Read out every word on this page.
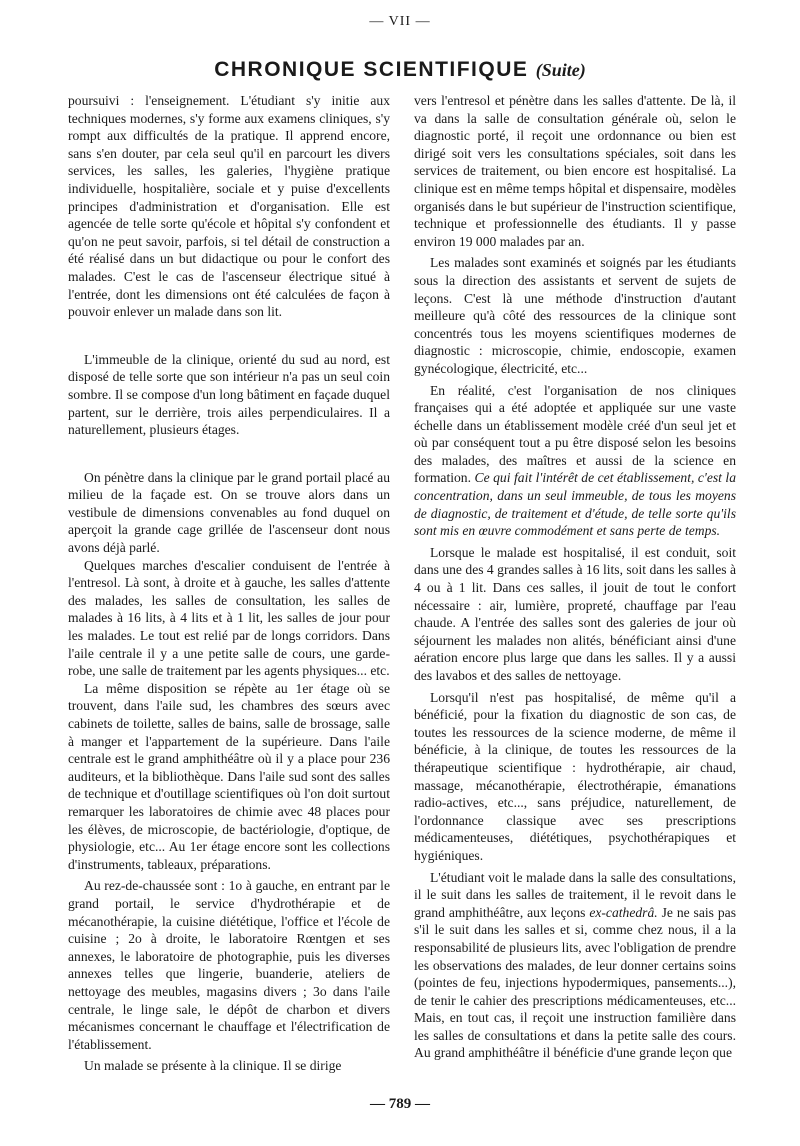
— VII —
CHRONIQUE SCIENTIFIQUE (Suite)

poursuivi : l'enseignement. L'étudiant s'y initie aux techniques modernes, s'y forme aux examens cliniques, s'y rompt aux difficultés de la pratique. Il apprend encore, sans s'en douter, par cela seul qu'il en parcourt les divers services, les salles, les galeries, l'hygiène pratique individuelle, hospitalière, sociale et y puise d'excellents principes d'administration et d'organisation. Elle est agencée de telle sorte qu'école et hôpital s'y confondent et qu'on ne peut savoir, parfois, si tel détail de construction a été réalisé dans un but didactique ou pour le confort des malades. C'est le cas de l'ascenseur électrique situé à l'entrée, dont les dimensions ont été calculées de façon à pouvoir enlever un malade dans son lit.

L'immeuble de la clinique, orienté du sud au nord, est disposé de telle sorte que son intérieur n'a pas un seul coin sombre. Il se compose d'un long bâtiment en façade duquel partent, sur le derrière, trois ailes perpendiculaires. Il a naturellement, plusieurs étages.

On pénètre dans la clinique par le grand portail placé au milieu de la façade est. On se trouve alors dans un vestibule de dimensions convenables au fond duquel on aperçoit la grande cage grillée de l'ascenseur dont nous avons déjà parlé.

Quelques marches d'escalier conduisent de l'entrée à l'entresol. Là sont, à droite et à gauche, les salles d'attente des malades, les salles de consultation, les salles de malades à 16 lits, à 4 lits et à 1 lit, les salles de jour pour les malades. Le tout est relié par de longs corridors. Dans l'aile centrale il y a une petite salle de cours, une garde-robe, une salle de traitement par les agents physiques... etc.

La même disposition se répète au 1er étage où se trouvent, dans l'aile sud, les chambres des sœurs avec cabinets de toilette, salles de bains, salle de brossage, salle à manger et l'appartement de la supérieure. Dans l'aile centrale est le grand amphithéâtre où il y a place pour 236 auditeurs, et la bibliothèque. Dans l'aile sud sont des salles de technique et d'outillage scientifiques où l'on doit surtout remarquer les laboratoires de chimie avec 48 places pour les élèves, de microscopie, de bactériologie, d'optique, de physiologie, etc... Au 1er étage encore sont les collections d'instruments, tableaux, préparations.

Au rez-de-chaussée sont : 1o à gauche, en entrant par le grand portail, le service d'hydrothérapie et de mécanothérapie, la cuisine diététique, l'office et l'école de cuisine ; 2o à droite, le laboratoire Rœntgen et ses annexes, le laboratoire de photographie, puis les diverses annexes telles que lingerie, buanderie, ateliers de nettoyage des meubles, magasins divers ; 3o dans l'aile centrale, le linge sale, le dépôt de charbon et divers mécanismes concernant le chauffage et l'électrification de l'établissement.

Un malade se présente à la clinique. Il se dirige

vers l'entresol et pénètre dans les salles d'attente. De là, il va dans la salle de consultation générale où, selon le diagnostic porté, il reçoit une ordonnance ou bien est dirigé soit vers les consultations spéciales, soit dans les services de traitement, ou bien encore est hospitalisé. La clinique est en même temps hôpital et dispensaire, modèles organisés dans le but supérieur de l'instruction scientifique, technique et professionnelle des étudiants. Il y passe environ 19 000 malades par an.

Les malades sont examinés et soignés par les étudiants sous la direction des assistants et servent de sujets de leçons. C'est là une méthode d'instruction d'autant meilleure qu'à côté des ressources de la clinique sont concentrés tous les moyens scientifiques modernes de diagnostic : microscopie, chimie, endoscopie, examen gynécologique, électricité, etc...

En réalité, c'est l'organisation de nos cliniques françaises qui a été adoptée et appliquée sur une vaste échelle dans un établissement modèle créé d'un seul jet et où par conséquent tout a pu être disposé selon les besoins des malades, des maîtres et aussi de la science en formation. Ce qui fait l'intérêt de cet établissement, c'est la concentration, dans un seul immeuble, de tous les moyens de diagnostic, de traitement et d'étude, de telle sorte qu'ils sont mis en œuvre commodément et sans perte de temps.

Lorsque le malade est hospitalisé, il est conduit, soit dans une des 4 grandes salles à 16 lits, soit dans les salles à 4 ou à 1 lit. Dans ces salles, il jouit de tout le confort nécessaire : air, lumière, propreté, chauffage par l'eau chaude. A l'entrée des salles sont des galeries de jour où séjournent les malades non alités, bénéficiant ainsi d'une aération encore plus large que dans les salles. Il y a aussi des lavabos et des salles de nettoyage.

Lorsqu'il n'est pas hospitalisé, de même qu'il a bénéficié, pour la fixation du diagnostic de son cas, de toutes les ressources de la science moderne, de même il bénéficie, à la clinique, de toutes les ressources de la thérapeutique scientifique : hydrothérapie, air chaud, massage, mécanothérapie, électrothérapie, émanations radio-actives, etc..., sans préjudice, naturellement, de l'ordonnance classique avec ses prescriptions médicamenteuses, diététiques, psychothérapiques et hygiéniques.

L'étudiant voit le malade dans la salle des consultations, il le suit dans les salles de traitement, il le revoit dans le grand amphithéâtre, aux leçons ex-cathedrâ. Je ne sais pas s'il le suit dans les salles et si, comme chez nous, il a la responsabilité de plusieurs lits, avec l'obligation de prendre les observations des malades, de leur donner certains soins (pointes de feu, injections hypodermiques, pansements...), de tenir le cahier des prescriptions médicamenteuses, etc... Mais, en tout cas, il reçoit une instruction familière dans les salles de consultations et dans la petite salle des cours. Au grand amphithéâtre il bénéficie d'une grande leçon que

— 789 —
